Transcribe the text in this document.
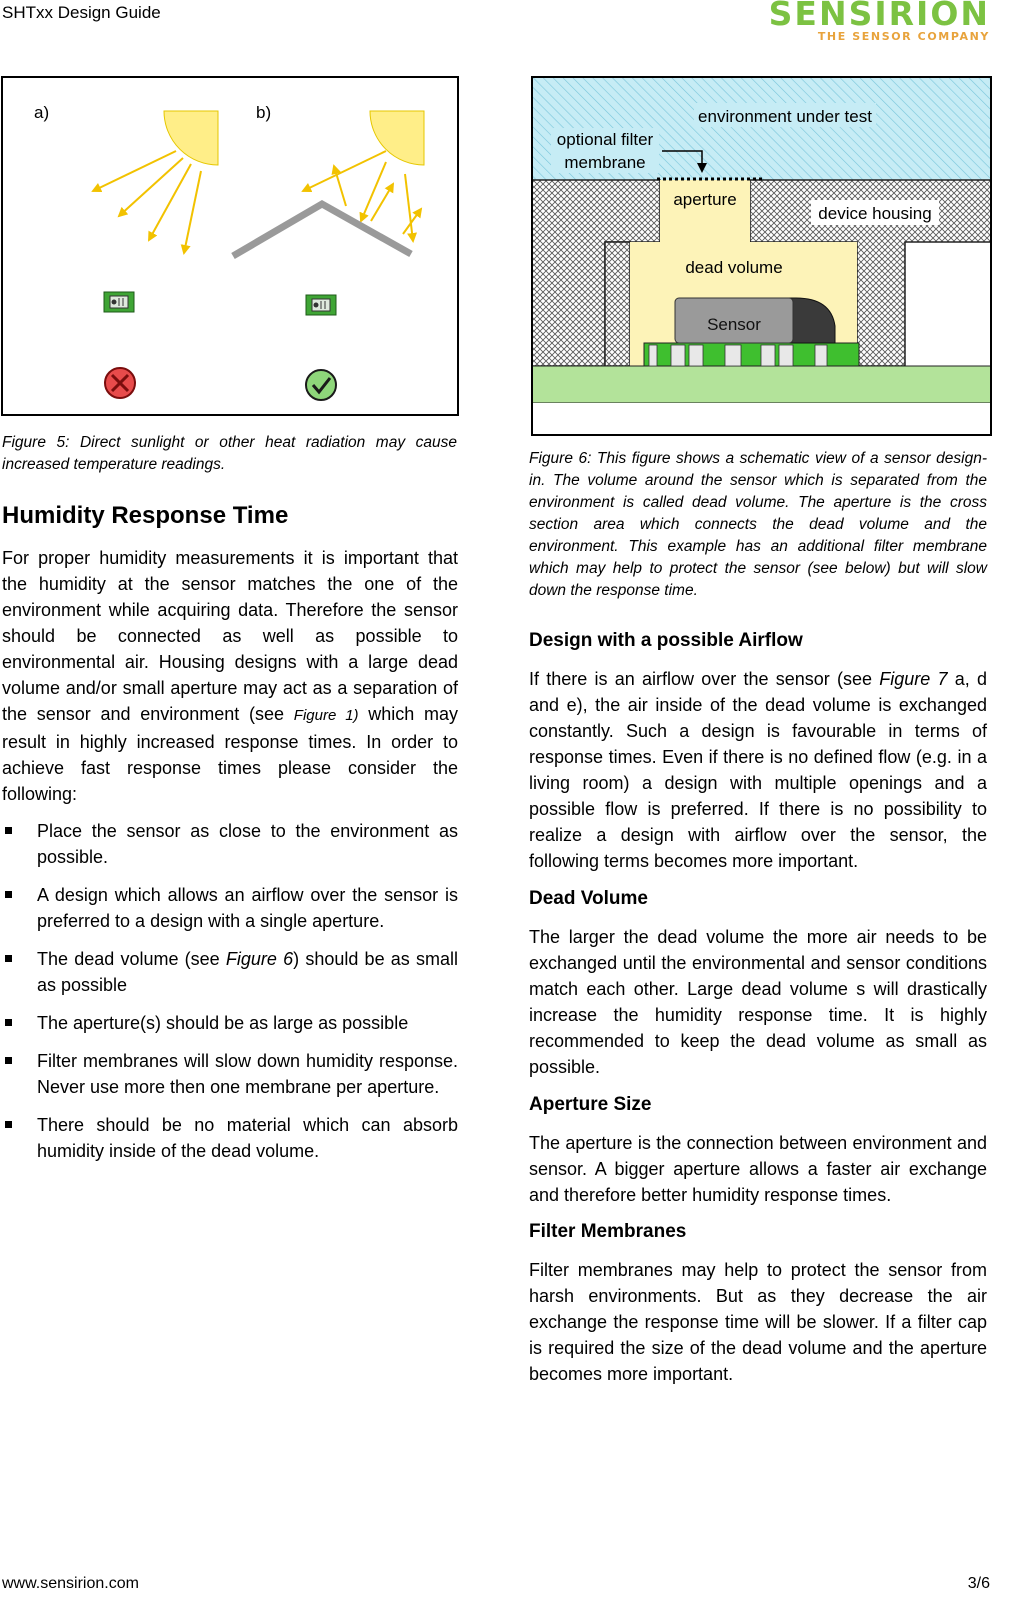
SHTxx Design Guide	SENSIRION
THE SENSOR COMPANY
a)	b)
Sensor
environment under test
optional filter
membrane
aperture
device housing
dead volume
Figure 5: Direct sunlight or other heat radiation may cause increased temperature readings.	Figure 6: This figure shows a schematic view of a sensor design-in. The volume around the sensor which is separated from the environment is called dead volume. The aperture is the cross section area which connects the dead volume and the environment. This example has an additional filter membrane which may help to protect the sensor (see below) but will slow down the response time.
Humidity Response Time

For proper humidity measurements it is important that the humidity at the sensor matches the one of the environment while acquiring data. Therefore the sensor should be connected as well as possible to environmental air. Housing designs with a large dead volume and/or small aperture may act as a separation of the sensor and environment (see Figure 1) which may result in highly increased response times. In order to achieve fast response times please consider the following:

Place the sensor as close to the environment as possible.
A design which allows an airflow over the sensor is preferred to a design with a single aperture.
The dead volume (see Figure 6) should be as small as possible
The aperture(s) should be as large as possible
Filter membranes will slow down humidity response. Never use more then one membrane per aperture.
There should be no material which can absorb humidity inside of the dead volume.
Design with a possible Airflow

If there is an airflow over the sensor (see Figure 7 a, d and e), the air inside of the dead volume is exchanged constantly. Such a design is favourable in terms of response times. Even if there is no defined flow (e.g. in a living room) a design with multiple openings and a possible flow is preferred. If there is no possibility to realize a design with airflow over the sensor, the following terms becomes more important.

Dead Volume

The larger the dead volume the more air needs to be exchanged until the environmental and sensor conditions match each other. Large dead volume s will drastically increase the humidity response time. It is highly recommended to keep the dead volume as small as possible.

Aperture Size

The aperture is the connection between environment and sensor. A bigger aperture allows a faster air exchange and therefore better humidity response times.

Filter Membranes

Filter membranes may help to protect the sensor from harsh environments. But as they decrease the air exchange the response time will be slower. If a filter cap is required the size of the dead volume and the aperture becomes more important.

www.sensirion.com	3/6
